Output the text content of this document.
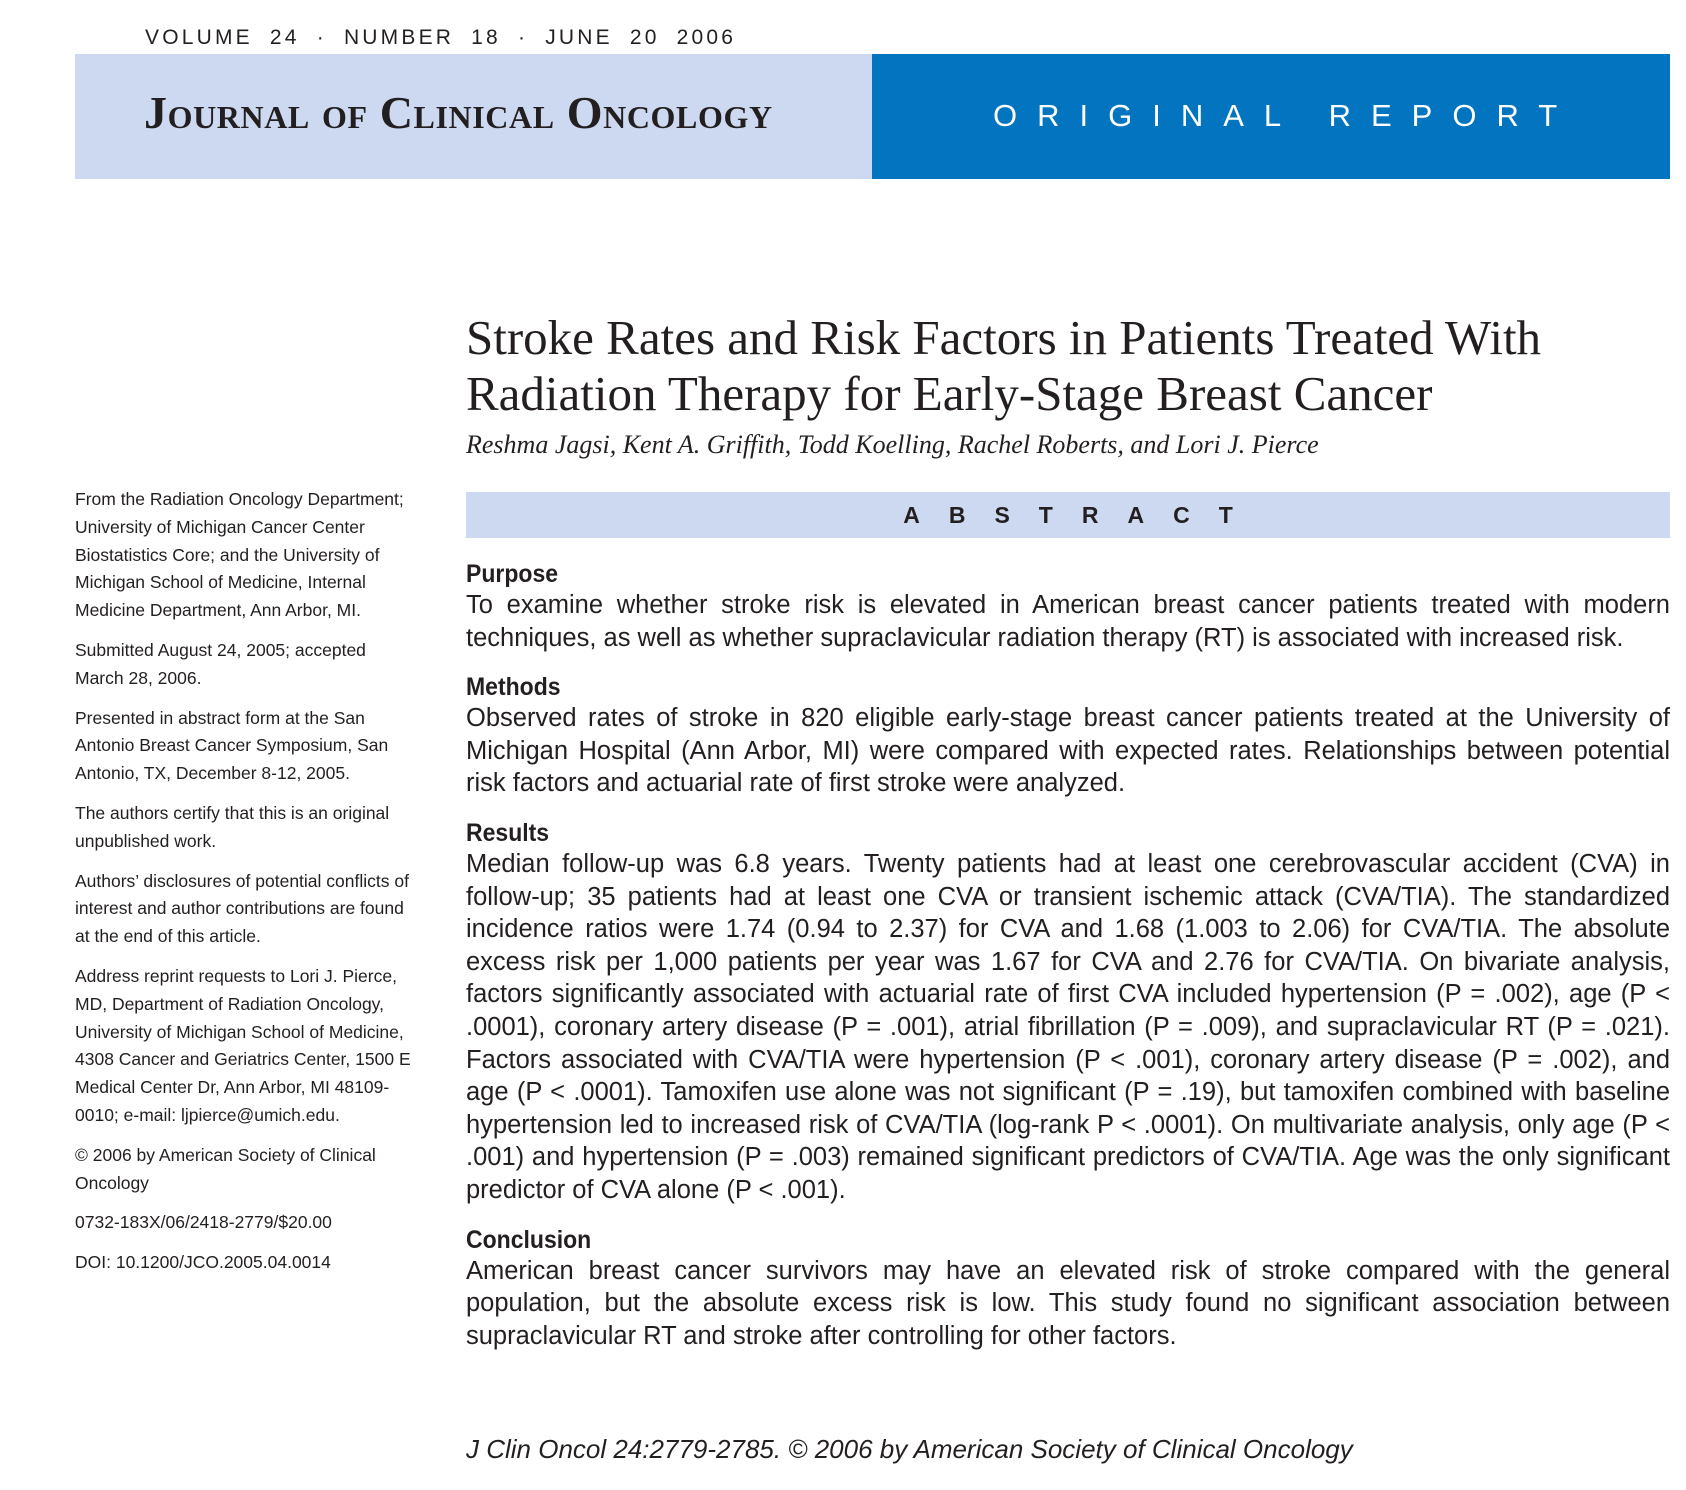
VOLUME 24 · NUMBER 18 · JUNE 20 2006
Journal of Clinical Oncology	ORIGINAL REPORT

From the Radiation Oncology Department; University of Michigan Cancer Center Biostatistics Core; and the University of Michigan School of Medicine, Internal Medicine Department, Ann Arbor, MI.

Submitted August 24, 2005; accepted March 28, 2006.

Presented in abstract form at the San Antonio Breast Cancer Symposium, San Antonio, TX, December 8-12, 2005.

The authors certify that this is an original unpublished work.

Authors’ disclosures of potential conflicts of interest and author contributions are found at the end of this article.

Address reprint requests to Lori J. Pierce, MD, Department of Radiation Oncology, University of Michigan School of Medicine, 4308 Cancer and Geriatrics Center, 1500 E Medical Center Dr, Ann Arbor, MI 48109-0010; e-mail: ljpierce@umich.edu.

© 2006 by American Society of Clinical Oncology

0732-183X/06/2418-2779/$20.00

DOI: 10.1200/JCO.2005.04.0014

Stroke Rates and Risk Factors in Patients Treated With Radiation Therapy for Early-Stage Breast Cancer

Reshma Jagsi, Kent A. Griffith, Todd Koelling, Rachel Roberts, and Lori J. Pierce

ABSTRACT
Purpose

To examine whether stroke risk is elevated in American breast cancer patients treated with modern techniques, as well as whether supraclavicular radiation therapy (RT) is associated with increased risk.

Methods

Observed rates of stroke in 820 eligible early-stage breast cancer patients treated at the University of Michigan Hospital (Ann Arbor, MI) were compared with expected rates. Relationships between potential risk factors and actuarial rate of first stroke were analyzed.

Results

Median follow-up was 6.8 years. Twenty patients had at least one cerebrovascular accident (CVA) in follow-up; 35 patients had at least one CVA or transient ischemic attack (CVA/TIA). The standardized incidence ratios were 1.74 (0.94 to 2.37) for CVA and 1.68 (1.003 to 2.06) for CVA/TIA. The absolute excess risk per 1,000 patients per year was 1.67 for CVA and 2.76 for CVA/TIA. On bivariate analysis, factors significantly associated with actuarial rate of first CVA included hypertension (P = .002), age (P < .0001), coronary artery disease (P = .001), atrial fibrillation (P = .009), and supraclavicular RT (P = .021). Factors associated with CVA/TIA were hypertension (P < .001), coronary artery disease (P = .002), and age (P < .0001). Tamoxifen use alone was not significant (P = .19), but tamoxifen combined with baseline hypertension led to increased risk of CVA/TIA (log-rank P < .0001). On multivariate analysis, only age (P < .001) and hypertension (P = .003) remained significant predictors of CVA/TIA. Age was the only significant predictor of CVA alone (P < .001).

Conclusion

American breast cancer survivors may have an elevated risk of stroke compared with the general population, but the absolute excess risk is low. This study found no significant association between supraclavicular RT and stroke after controlling for other factors.

J Clin Oncol 24:2779-2785. © 2006 by American Society of Clinical Oncology
